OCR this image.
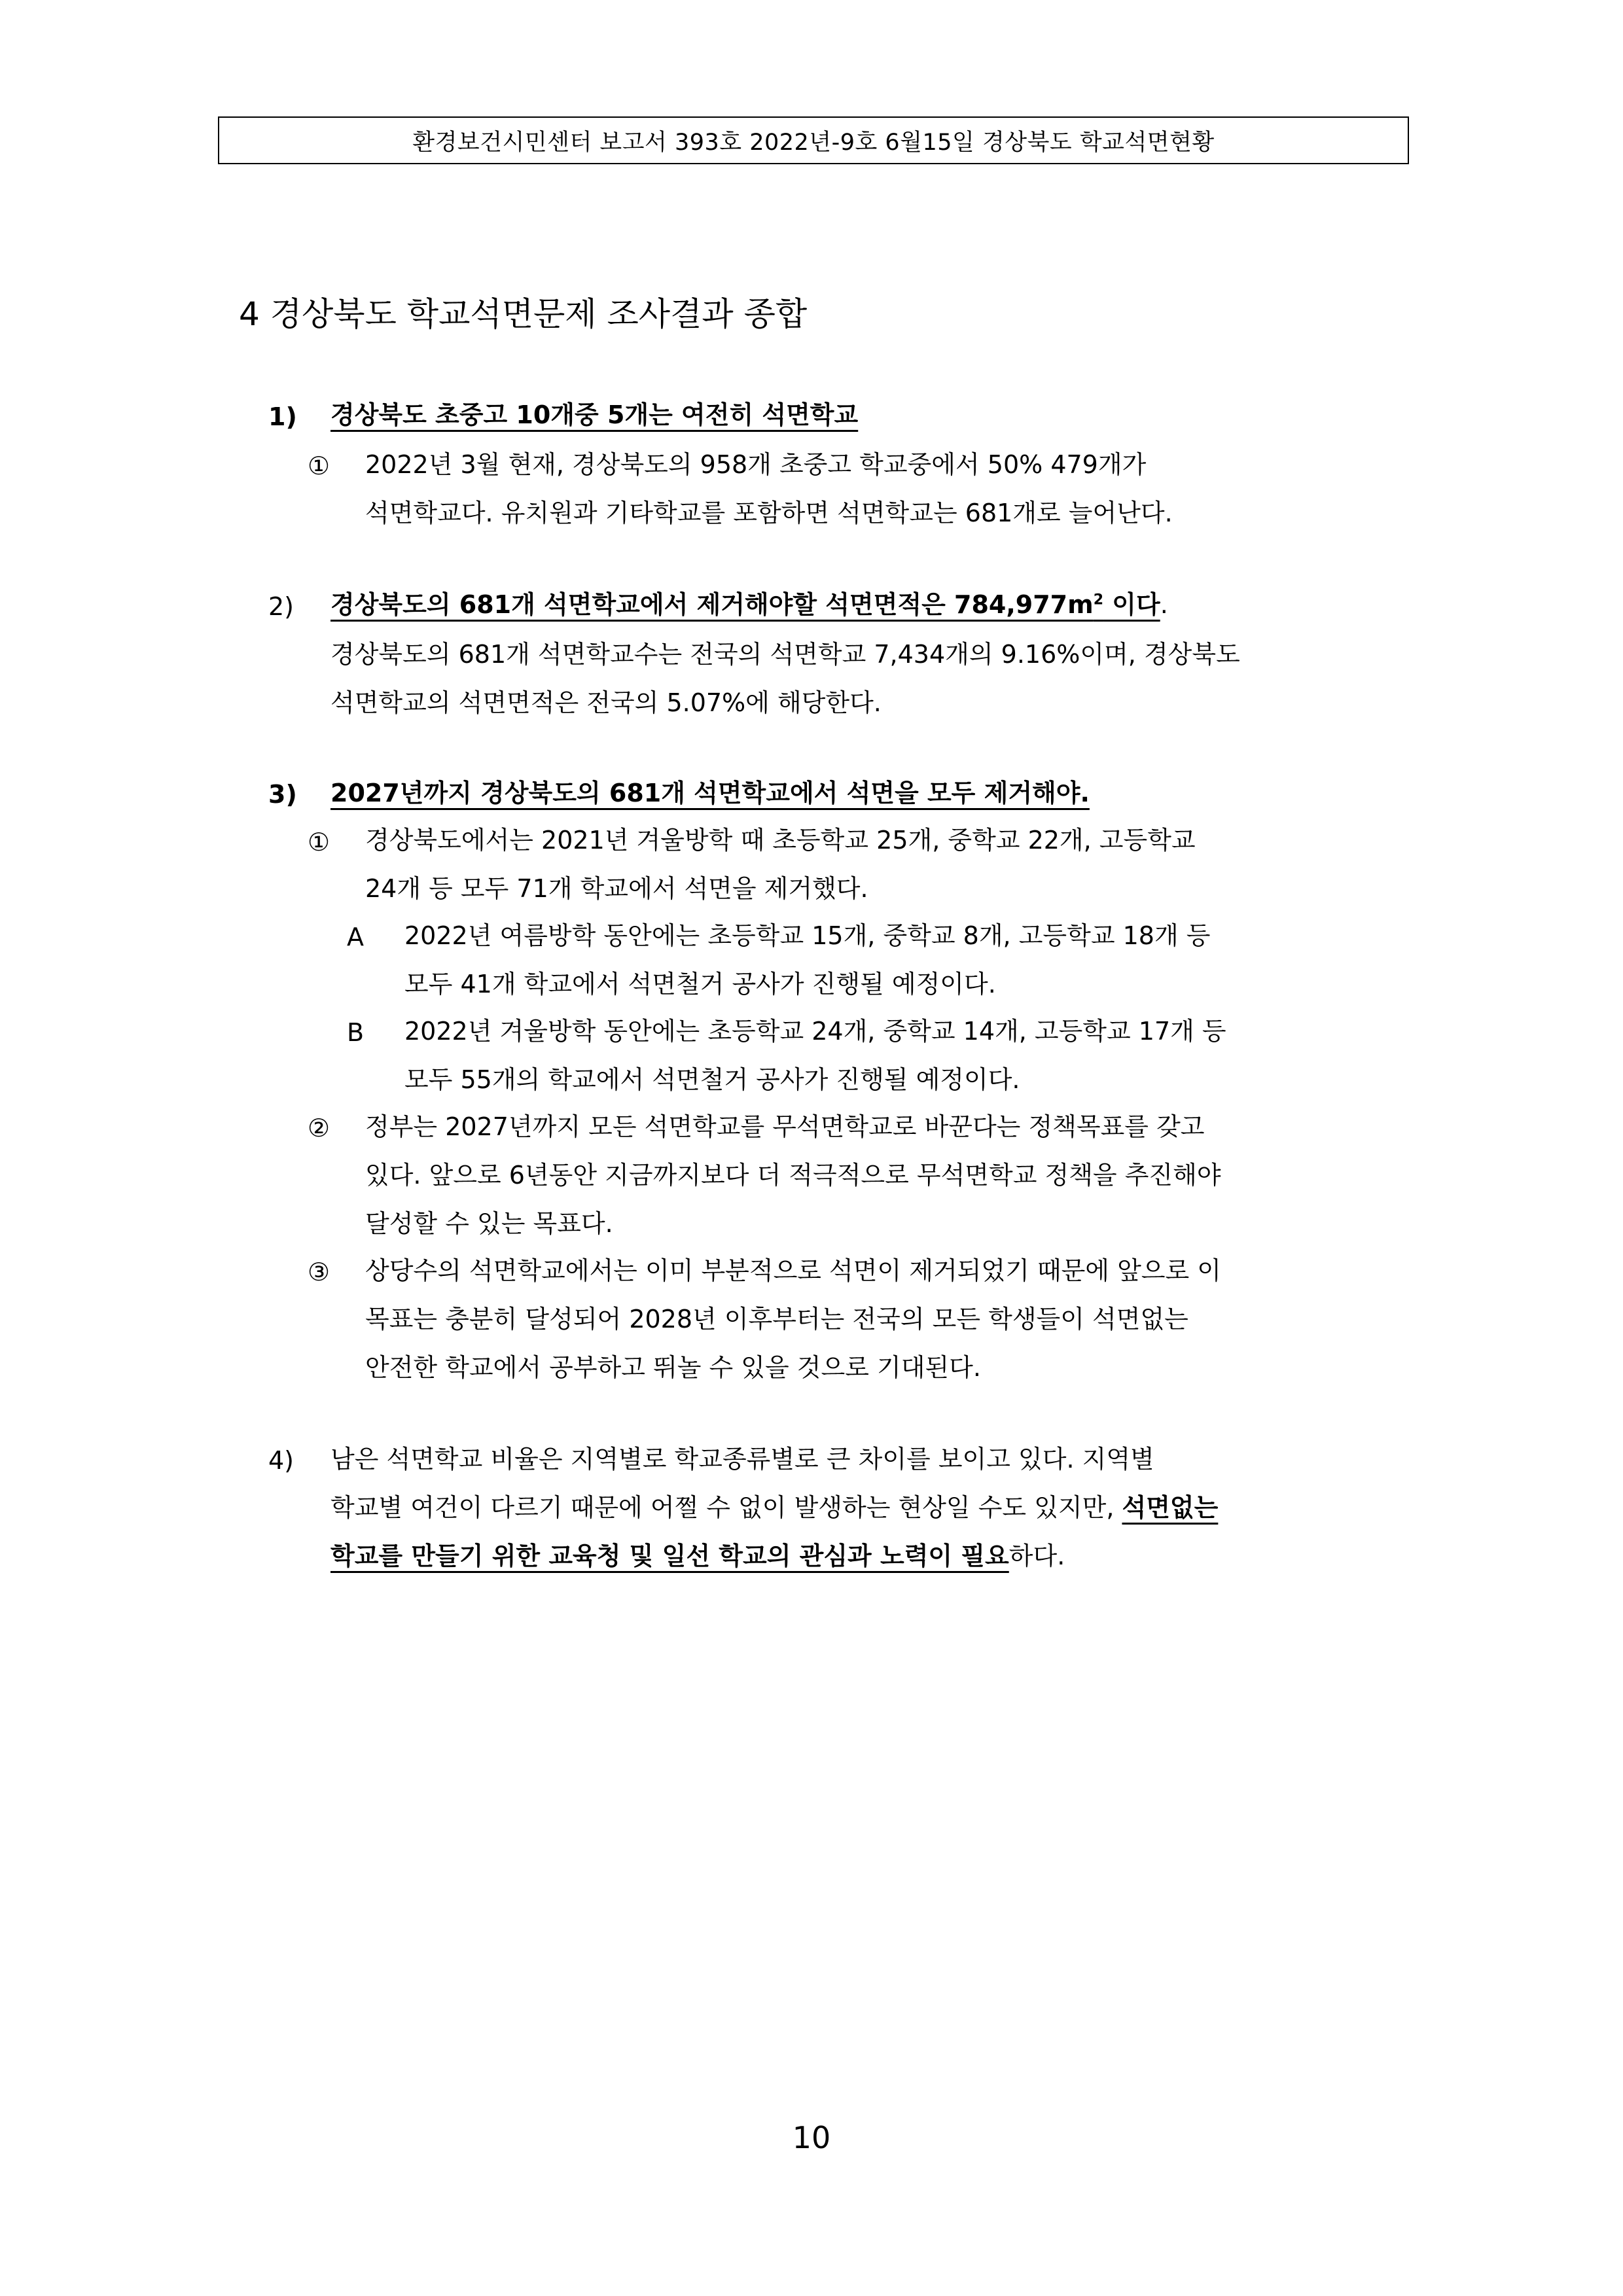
환경보건시민센터 보고서 393호 2022년-9호 6월15일 경상북도 학교석면현황
4 경상북도 학교석면문제 조사결과 종합
1) 경상북도 초중고 10개중 5개는 여전히 석면학교
① 2022년 3월 현재, 경상북도의 958개 초중고 학교중에서 50% 479개가
석면학교다. 유치원과 기타학교를 포함하면 석면학교는 681개로 늘어난다.
2) 경상북도의 681개 석면학교에서 제거해야할 석면면적은 $784,977m^2$ 이다.
경상북도의 681개 석면학교수는 전국의 석면학교 7,434개의 9.16%이며, 경상북도
석면학교의 석면면적은 전국의 5.07%에 해당한다.
3) 2027년까지 경상북도의 681개 석면학교에서 석면을 모두 제거해야.
① 경상북도에서는 2021년 겨울방학 때 초등학교 25개, 중학교 22개, 고등학교
24개 등 모두 71개 학교에서 석면을 제거했다.
A 2022년 여름방학 동안에는 초등학교 15개, 중학교 8개, 고등학교 18개 등
모두 41개 학교에서 석면철거 공사가 진행될 예정이다.
B 2022년 겨울방학 동안에는 초등학교 24개, 중학교 14개, 고등학교 17개 등
모두 55개의 학교에서 석면철거 공사가 진행될 예정이다.
② 정부는 2027년까지 모든 석면학교를 무석면학교로 바꾼다는 정책목표를 갖고
있다. 앞으로 6년동안 지금까지보다 더 적극적으로 무석면학교 정책을 추진해야
달성할 수 있는 목표다.
③ 상당수의 석면학교에서는 이미 부분적으로 석면이 제거되었기 때문에 앞으로 이
목표는 충분히 달성되어 2028년 이후부터는 전국의 모든 학생들이 석면없는
안전한 학교에서 공부하고 뛰놀 수 있을 것으로 기대된다.
4) 남은 석면학교 비율은 지역별로 학교종류별로 큰 차이를 보이고 있다. 지역별
학교별 여건이 다르기 때문에 어쩔 수 없이 발생하는 현상일 수도 있지만, 석면없는
학교를 만들기 위한 교육청 및 일선 학교의 관심과 노력이 필요하다.
10
